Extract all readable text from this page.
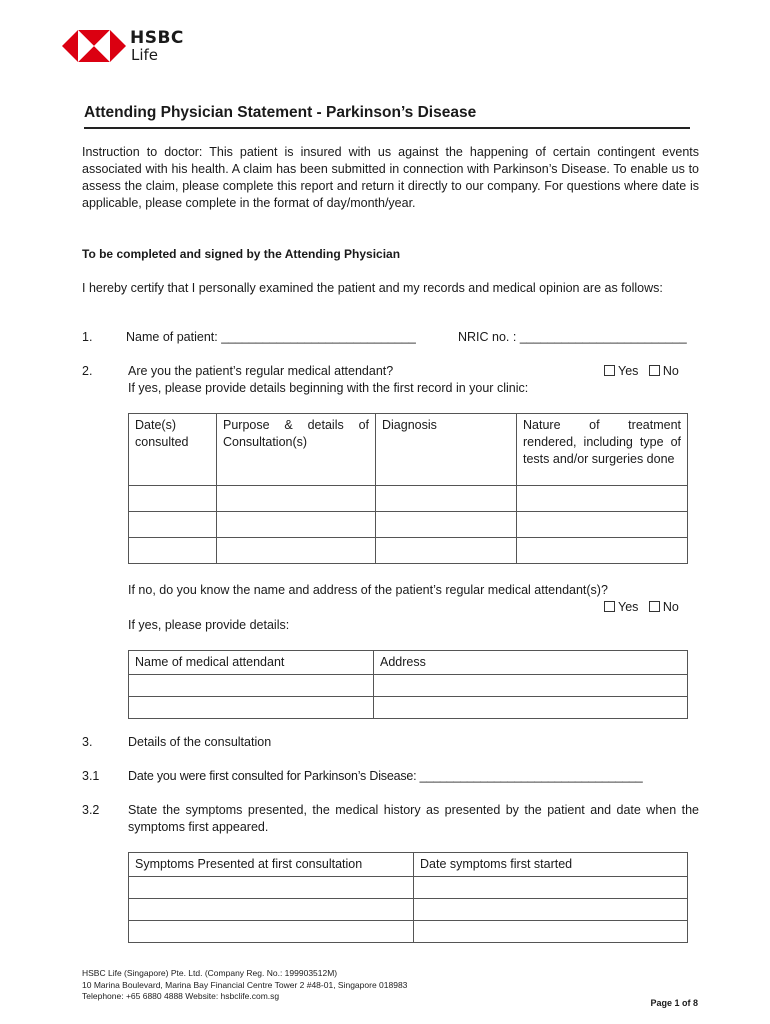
HSBC
Life
Attending Physician Statement - Parkinson’s Disease
Instruction to doctor: This patient is insured with us against the happening of certain contingent events associated with his health. A claim has been submitted in connection with Parkinson’s Disease. To enable us to assess the claim, please complete this report and return it directly to our company. For questions where date is applicable, please complete in the format of day/month/year.
To be completed and signed by the Attending Physician
I hereby certify that I personally examined the patient and my records and medical opinion are as follows:
1.	Name of patient: ____________________________	NRIC no. : ________________________
2.	Are you the patient’s regular medical attendant?	Yes No
If yes, please provide details beginning with the first record in your clinic:
Date(s) consulted	Purpose & details of Consultation(s)	Diagnosis	Nature of treatment rendered, including type of tests and/or surgeries done

If no, do you know the name and address of the patient’s regular medical attendant(s)?
Yes No
If yes, please provide details:
Name of medical attendant	Address

3.	Details of the consultation
3.1 Date you were first consulted for Parkinson’s Disease: _________________________________
3.2 State the symptoms presented, the medical history as presented by the patient and date when the symptoms first appeared.
Symptoms Presented at first consultation	Date symptoms first started

HSBC Life (Singapore) Pte. Ltd. (Company Reg. No.: 199903512M)
10 Marina Boulevard, Marina Bay Financial Centre Tower 2 #48-01, Singapore 018983
Telephone: +65 6880 4888 Website: hsbclife.com.sg
Page 1 of 8
